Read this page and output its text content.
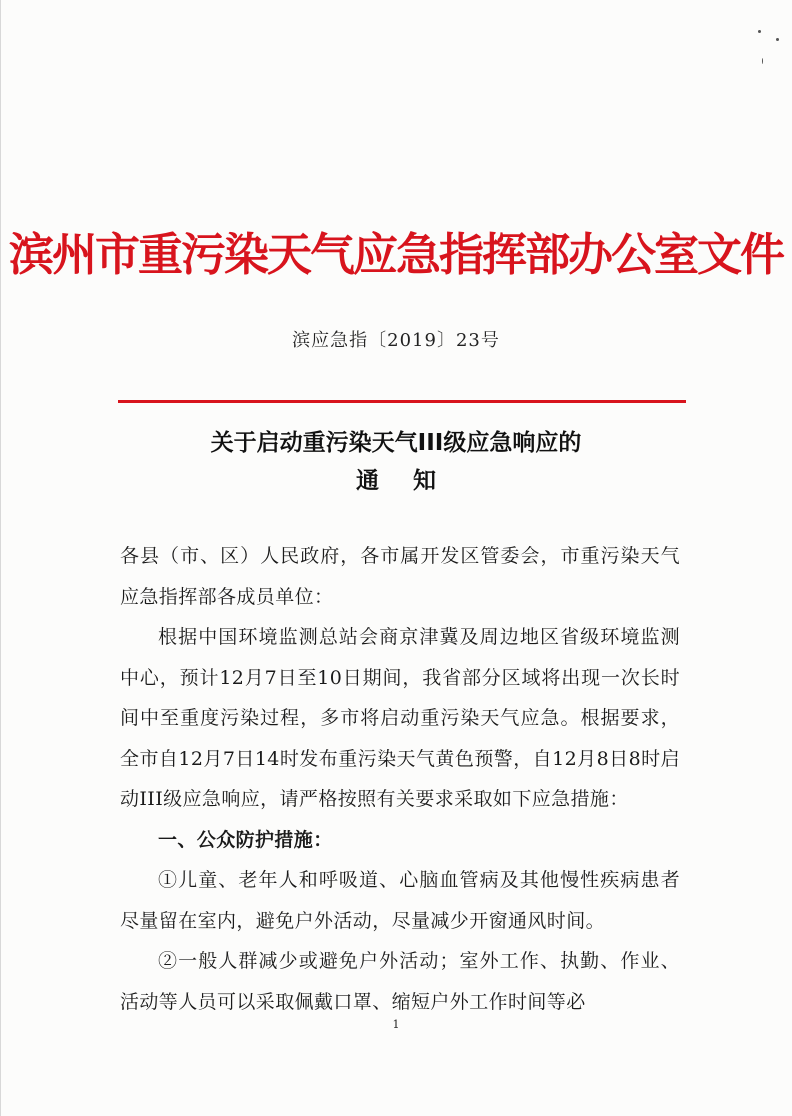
滨州市重污染天气应急指挥部办公室文件
滨应急指〔2019〕23号
关于启动重污染天气III级应急响应的
通知

各县（市、区）人民政府，各市属开发区管委会，市重污染天气应急指挥部各成员单位：

根据中国环境监测总站会商京津冀及周边地区省级环境监测中心，预计12月7日至10日期间，我省部分区域将出现一次长时间中至重度污染过程，多市将启动重污染天气应急。根据要求，全市自12月7日14时发布重污染天气黄色预警，自12月8日8时启动III级应急响应，请严格按照有关要求采取如下应急措施：

一、公众防护措施：

①儿童、老年人和呼吸道、心脑血管病及其他慢性疾病患者尽量留在室内，避免户外活动，尽量减少开窗通风时间。

②一般人群减少或避免户外活动；室外工作、执勤、作业、活动等人员可以采取佩戴口罩、缩短户外工作时间等必

1
